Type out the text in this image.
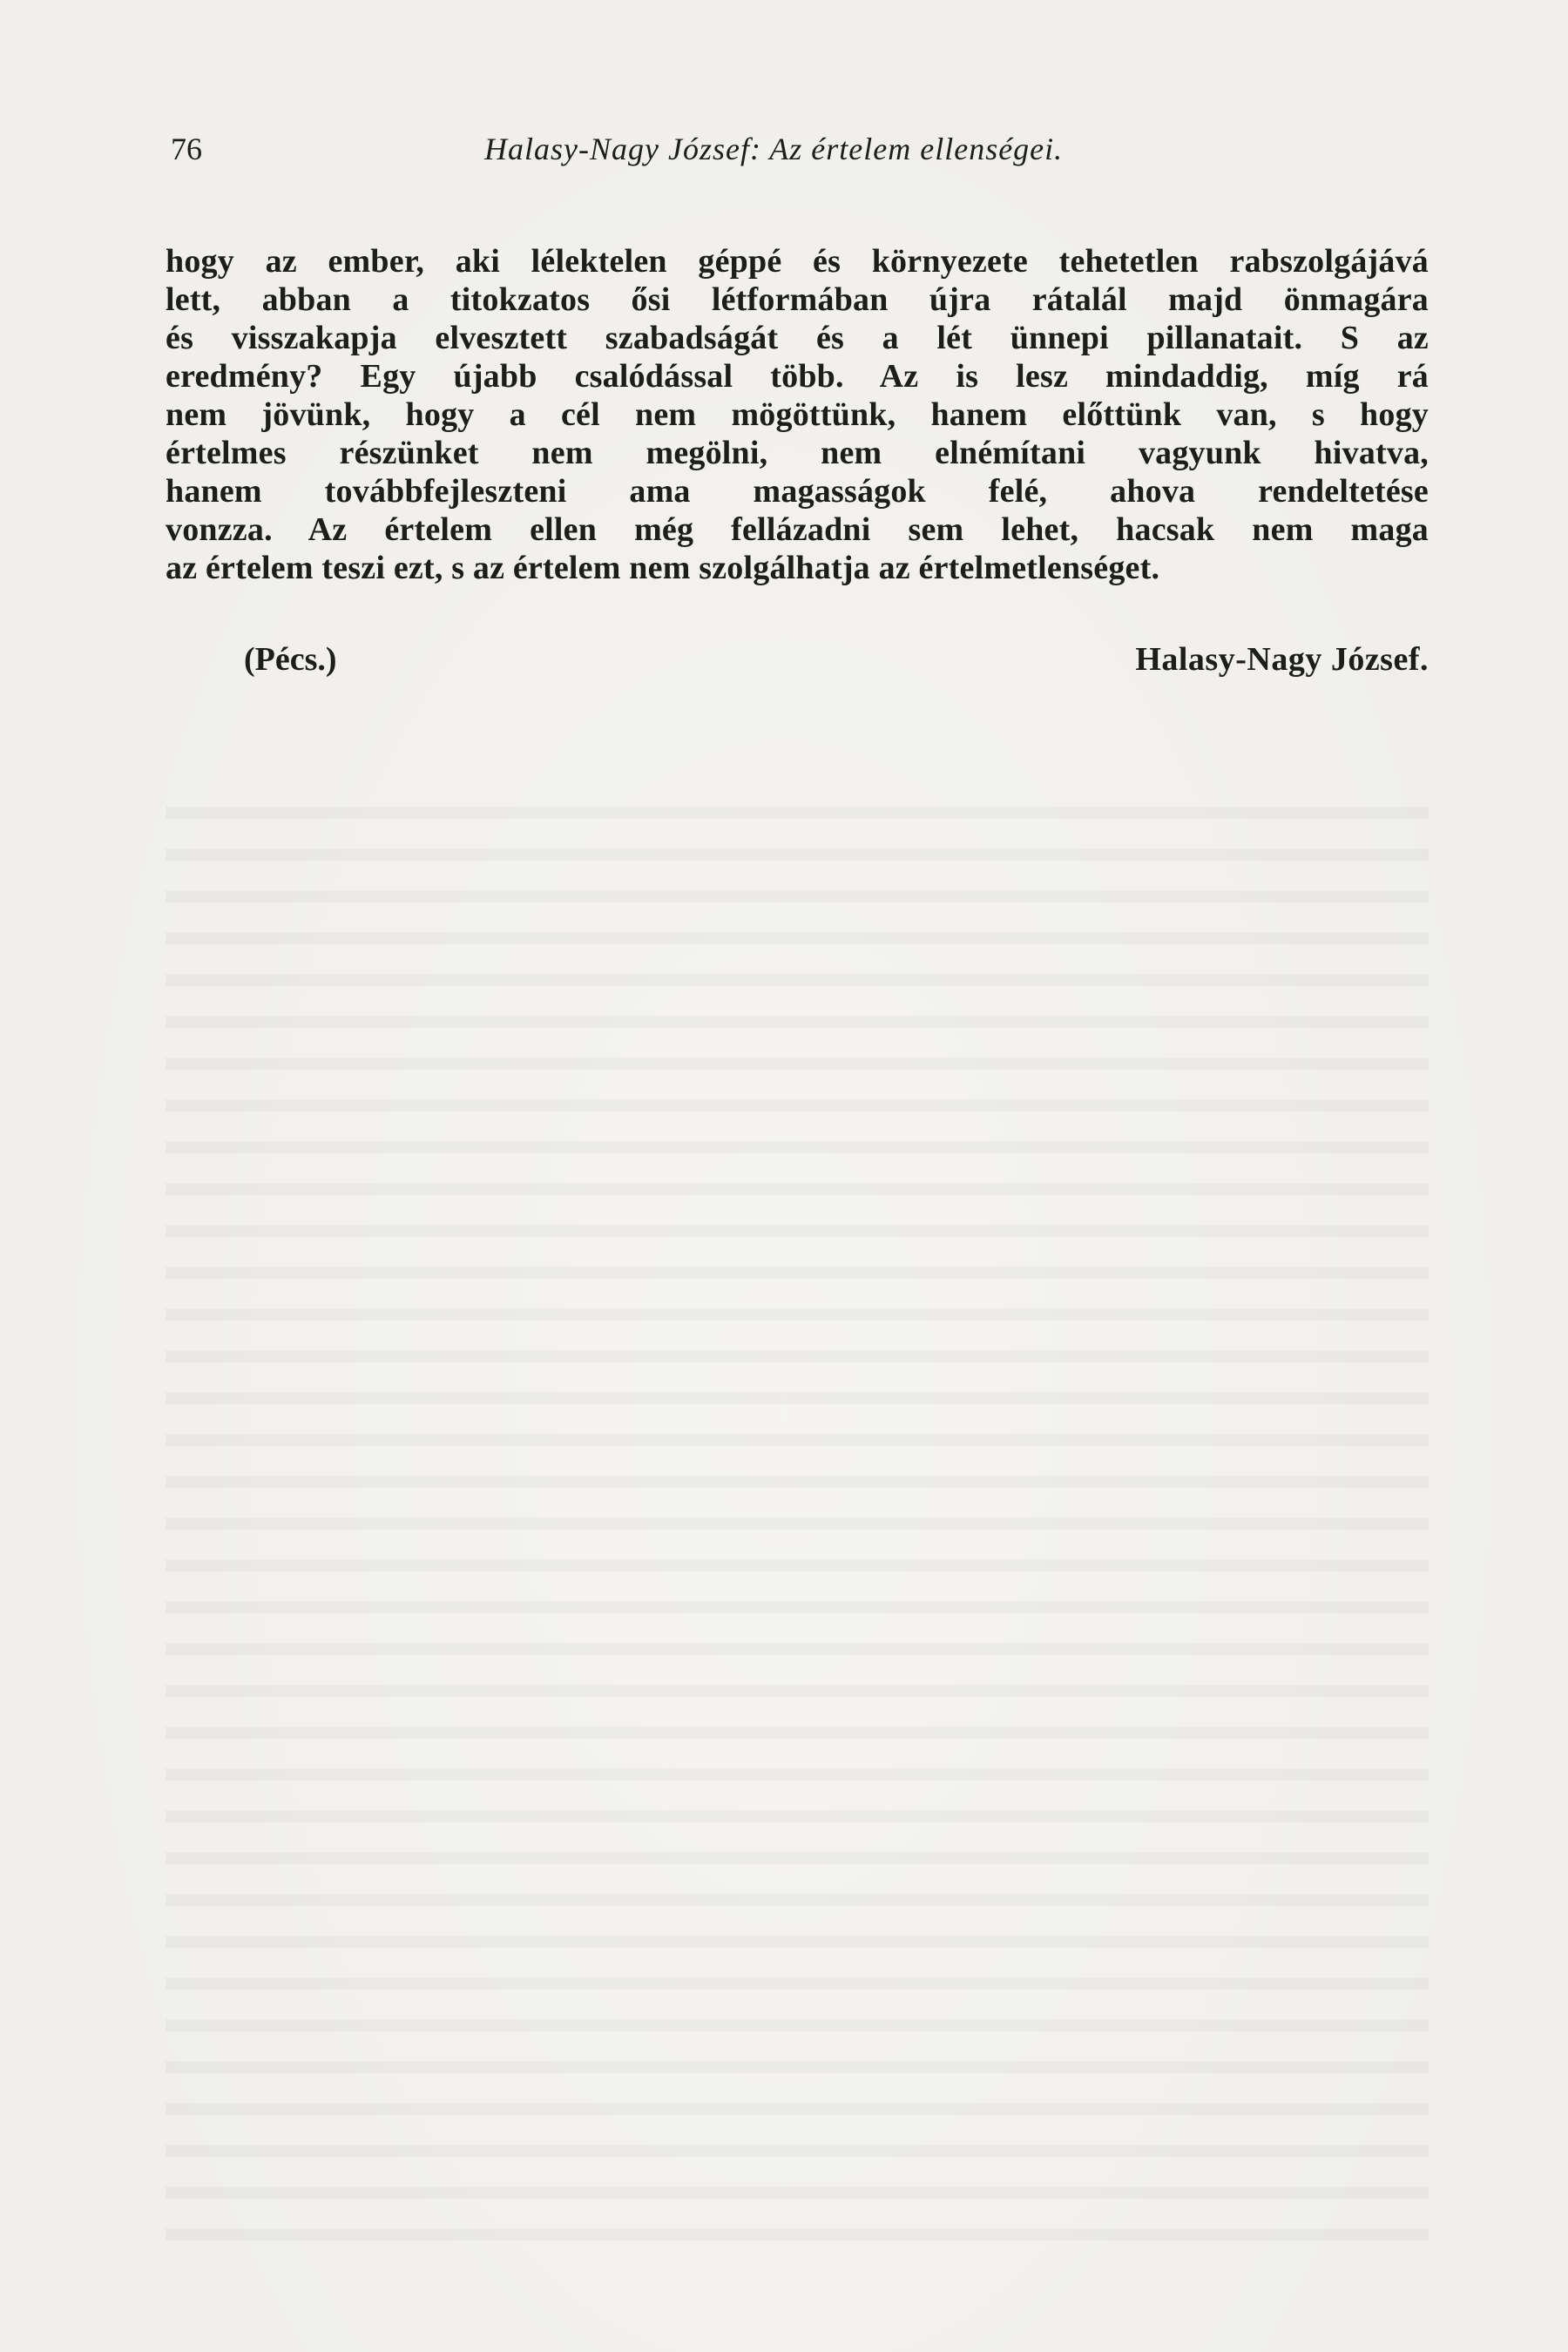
76	Halasy-Nagy József: Az értelem ellenségei.
hogy az ember, aki lélektelen géppé és környezete tehetetlen rabszolgájává
lett, abban a titokzatos ősi létformában újra rátalál majd önmagára
és visszakapja elvesztett szabadságát és a lét ünnepi pillanatait. S az
eredmény? Egy újabb csalódással több. Az is lesz mindaddig, míg rá
nem jövünk, hogy a cél nem mögöttünk, hanem előttünk van, s hogy
értelmes részünket nem megölni, nem elnémítani vagyunk hivatva,
hanem továbbfejleszteni ama magasságok felé, ahova rendeltetése
vonzza. Az értelem ellen még fellázadni sem lehet, hacsak nem maga
az értelem teszi ezt, s az értelem nem szolgálhatja az értelmetlenséget.
(Pécs.)	Halasy-Nagy József.
